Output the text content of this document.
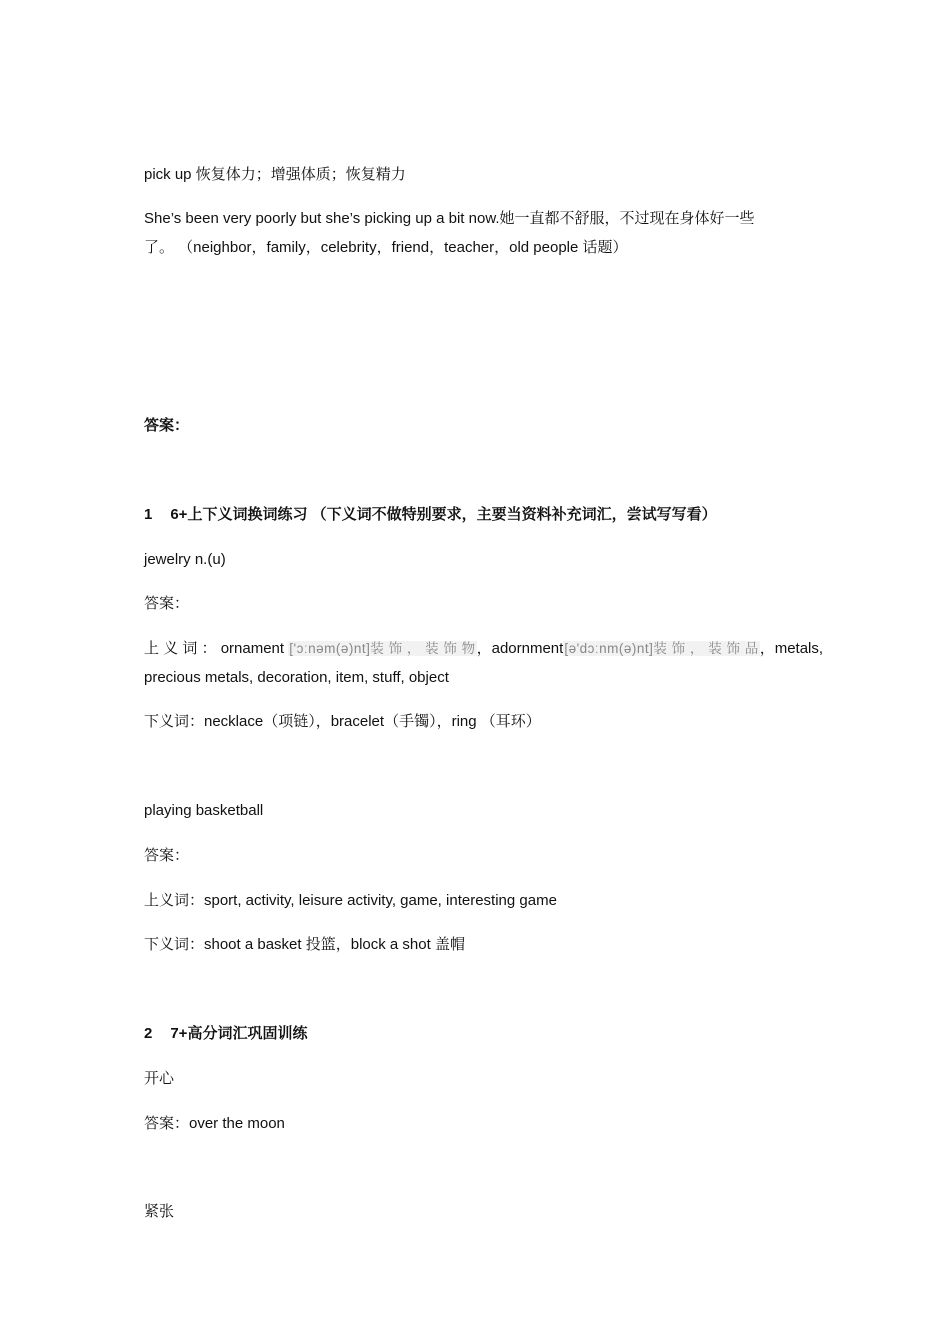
pick up 恢复体力；增强体质；恢复精力
She’s been very poorly but she’s picking up a bit now.她一直都不舒服，不过现在身体好一些
了。 （neighbor，family，celebrity，friend，teacher，old people 话题）
答案：
1 6+上下义词换词练习 （下义词不做特别要求，主要当资料补充词汇，尝试写写看）
jewelry n.(u)
答案：
上 义 词 ： ornament ['ɔːnəm(ə)nt]装 饰 ， 装 饰 物，adornment[ə'dɔːnm(ə)nt]装 饰 ， 装 饰 品，metals,
precious metals, decoration, item, stuff, object
下义词：necklace（项链），bracelet（手镯），ring （耳环）
playing basketball
答案：
上义词：sport, activity, leisure activity, game, interesting game
下义词：shoot a basket 投篮，block a shot 盖帽
2 7+高分词汇巩固训练
开心
答案：over the moon
紧张
